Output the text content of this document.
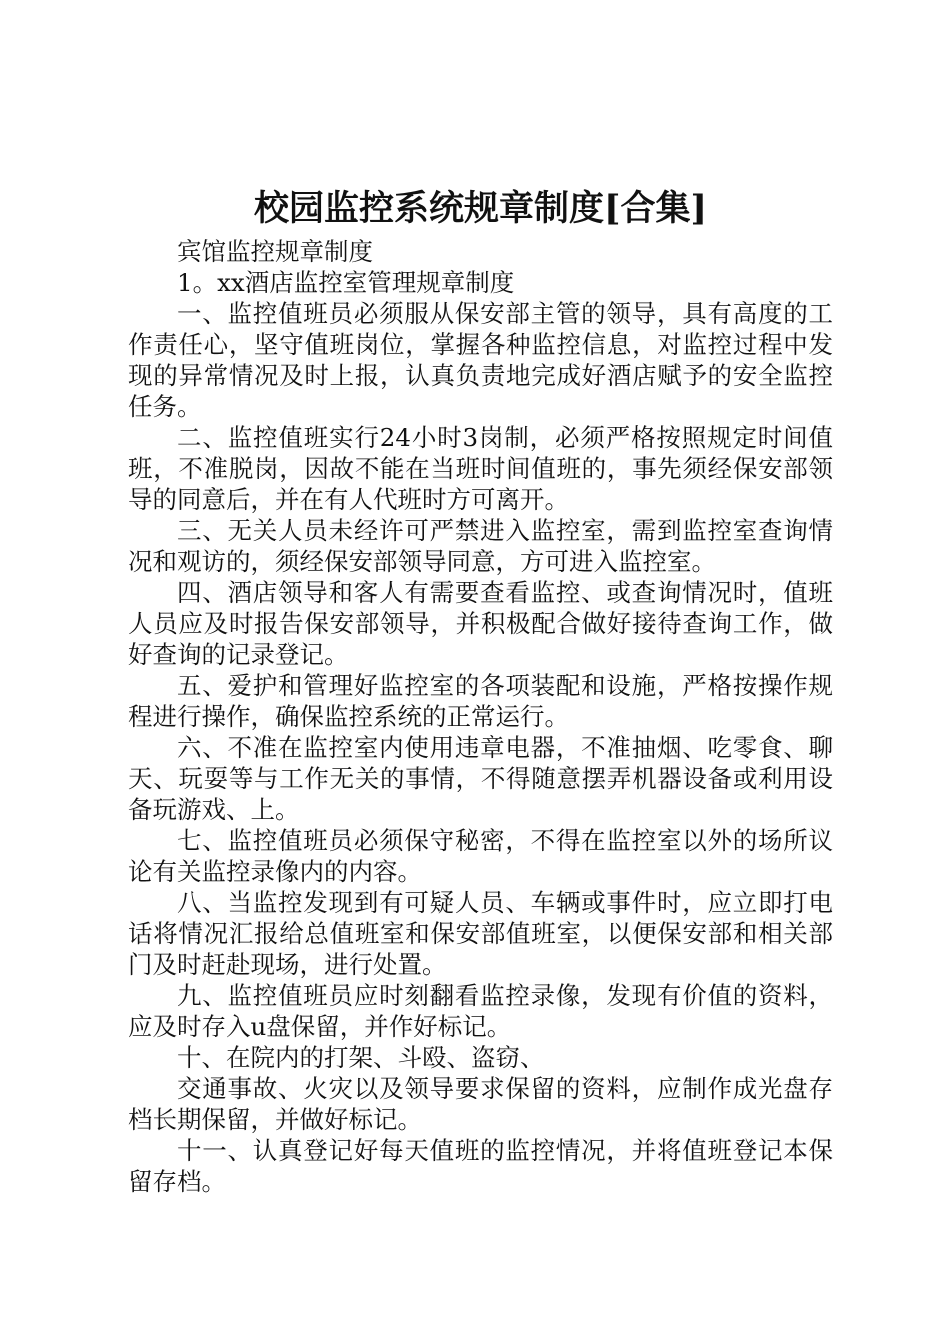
校园监控系统规章制度[合集]

宾馆监控规章制度

1。xx酒店监控室管理规章制度

一、监控值班员必须服从保安部主管的领导，具有高度的工作责任心，坚守值班岗位，掌握各种监控信息，对监控过程中发现的异常情况及时上报，认真负责地完成好酒店赋予的安全监控任务。

二、监控值班实行24小时3岗制，必须严格按照规定时间值班，不准脱岗，因故不能在当班时间值班的，事先须经保安部领导的同意后，并在有人代班时方可离开。

三、无关人员未经许可严禁进入监控室，需到监控室查询情况和观访的，须经保安部领导同意，方可进入监控室。

四、酒店领导和客人有需要查看监控、或查询情况时，值班人员应及时报告保安部领导，并积极配合做好接待查询工作，做好查询的记录登记。

五、爱护和管理好监控室的各项装配和设施，严格按操作规程进行操作，确保监控系统的正常运行。

六、不准在监控室内使用违章电器，不准抽烟、吃零食、聊天、玩耍等与工作无关的事情，不得随意摆弄机器设备或利用设备玩游戏、上。

七、监控值班员必须保守秘密，不得在监控室以外的场所议论有关监控录像内的内容。

八、当监控发现到有可疑人员、车辆或事件时，应立即打电话将情况汇报给总值班室和保安部值班室，以便保安部和相关部门及时赶赴现场，进行处置。

九、监控值班员应时刻翻看监控录像，发现有价值的资料，应及时存入u盘保留，并作好标记。

十、在院内的打架、斗殴、盗窃、

交通事故、火灾以及领导要求保留的资料，应制作成光盘存档长期保留，并做好标记。

十一、认真登记好每天值班的监控情况，并将值班登记本保留存档。
